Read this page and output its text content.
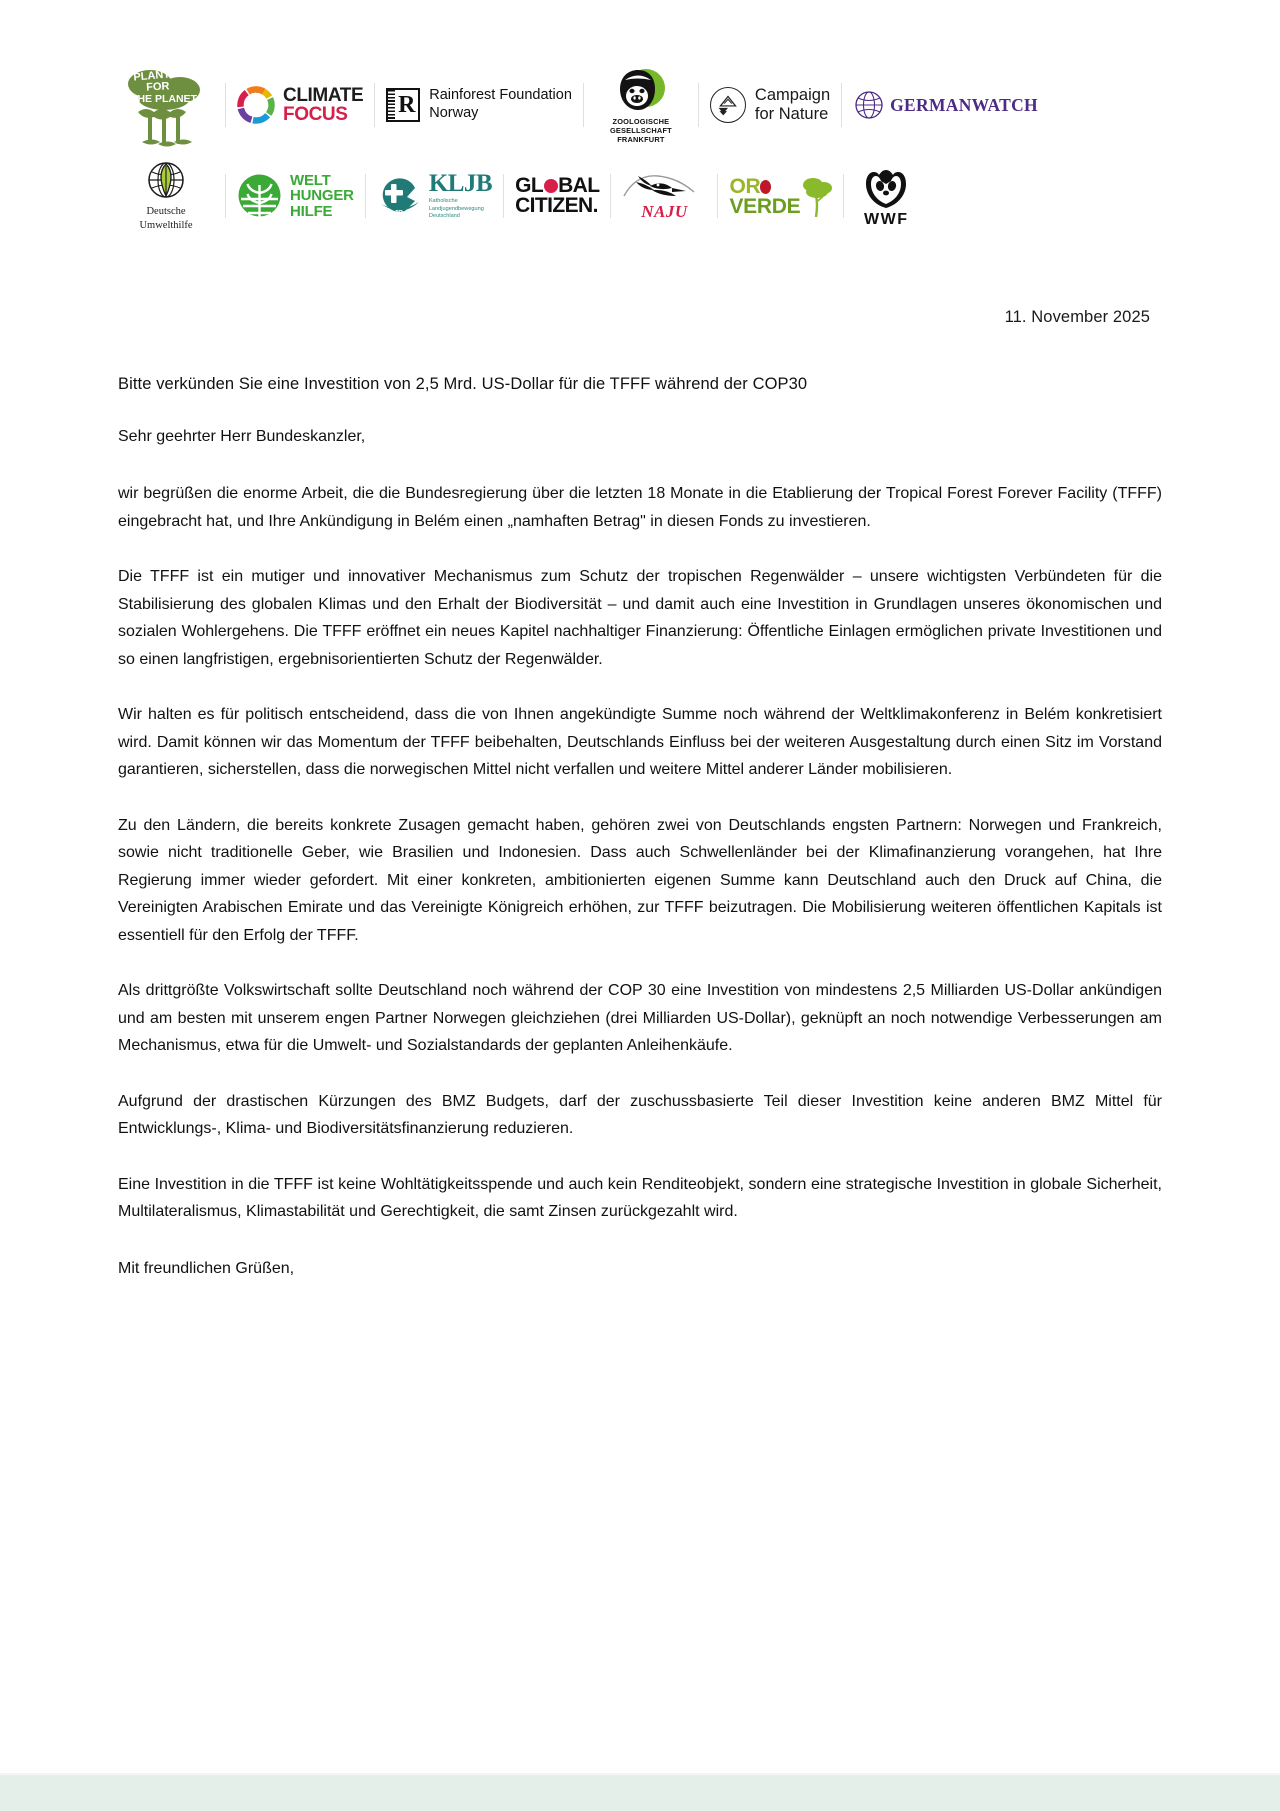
PLANT
FOR
THE PLANET	CLIMATE
FOCUS	R Rainforest Foundation
Norway
ZOOLOGISCHE
GESELLSCHAFT
FRANKFURT
Campaign
for Nature	GERMANWATCH
Deutsche
Umwelthilfe
WELT
HUNGER
HILFE	KLJB
KLJB
Katholische
Landjugendbewegung
Deutschland
GL BAL
CITIZEN.	NAJU
OR
VERDE
WWF
11. November 2025
Bitte verkünden Sie eine Investition von 2,5 Mrd. US-Dollar für die TFFF während der COP30
Sehr geehrter Herr Bundeskanzler,

wir begrüßen die enorme Arbeit, die die Bundesregierung über die letzten 18 Monate in die Etablierung der Tropical Forest Forever Facility (TFFF) eingebracht hat, und Ihre Ankündigung in Belém einen „namhaften Betrag" in diesen Fonds zu investieren.

Die TFFF ist ein mutiger und innovativer Mechanismus zum Schutz der tropischen Regenwälder – unsere wichtigsten Verbündeten für die Stabilisierung des globalen Klimas und den Erhalt der Biodiversität – und damit auch eine Investition in Grundlagen unseres ökonomischen und sozialen Wohlergehens. Die TFFF eröffnet ein neues Kapitel nachhaltiger Finanzierung: Öffentliche Einlagen ermöglichen private Investitionen und so einen langfristigen, ergebnisorientierten Schutz der Regenwälder.

Wir halten es für politisch entscheidend, dass die von Ihnen angekündigte Summe noch während der Weltklimakonferenz in Belém konkretisiert wird. Damit können wir das Momentum der TFFF beibehalten, Deutschlands Einfluss bei der weiteren Ausgestaltung durch einen Sitz im Vorstand garantieren, sicherstellen, dass die norwegischen Mittel nicht verfallen und weitere Mittel anderer Länder mobilisieren.

Zu den Ländern, die bereits konkrete Zusagen gemacht haben, gehören zwei von Deutschlands engsten Partnern: Norwegen und Frankreich, sowie nicht traditionelle Geber, wie Brasilien und Indonesien. Dass auch Schwellenländer bei der Klimafinanzierung vorangehen, hat Ihre Regierung immer wieder gefordert. Mit einer konkreten, ambitionierten eigenen Summe kann Deutschland auch den Druck auf China, die Vereinigten Arabischen Emirate und das Vereinigte Königreich erhöhen, zur TFFF beizutragen. Die Mobilisierung weiteren öffentlichen Kapitals ist essentiell für den Erfolg der TFFF.

Als drittgrößte Volkswirtschaft sollte Deutschland noch während der COP 30 eine Investition von mindestens 2,5 Milliarden US-Dollar ankündigen und am besten mit unserem engen Partner Norwegen gleichziehen (drei Milliarden US-Dollar), geknüpft an noch notwendige Verbesserungen am Mechanismus, etwa für die Umwelt- und Sozialstandards der geplanten Anleihenkäufe.

Aufgrund der drastischen Kürzungen des BMZ Budgets, darf der zuschussbasierte Teil dieser Investition keine anderen BMZ Mittel für Entwicklungs-, Klima- und Biodiversitätsfinanzierung reduzieren.

Eine Investition in die TFFF ist keine Wohltätigkeitsspende und auch kein Renditeobjekt, sondern eine strategische Investition in globale Sicherheit, Multilateralismus, Klimastabilität und Gerechtigkeit, die samt Zinsen zurückgezahlt wird.

Mit freundlichen Grüßen,
